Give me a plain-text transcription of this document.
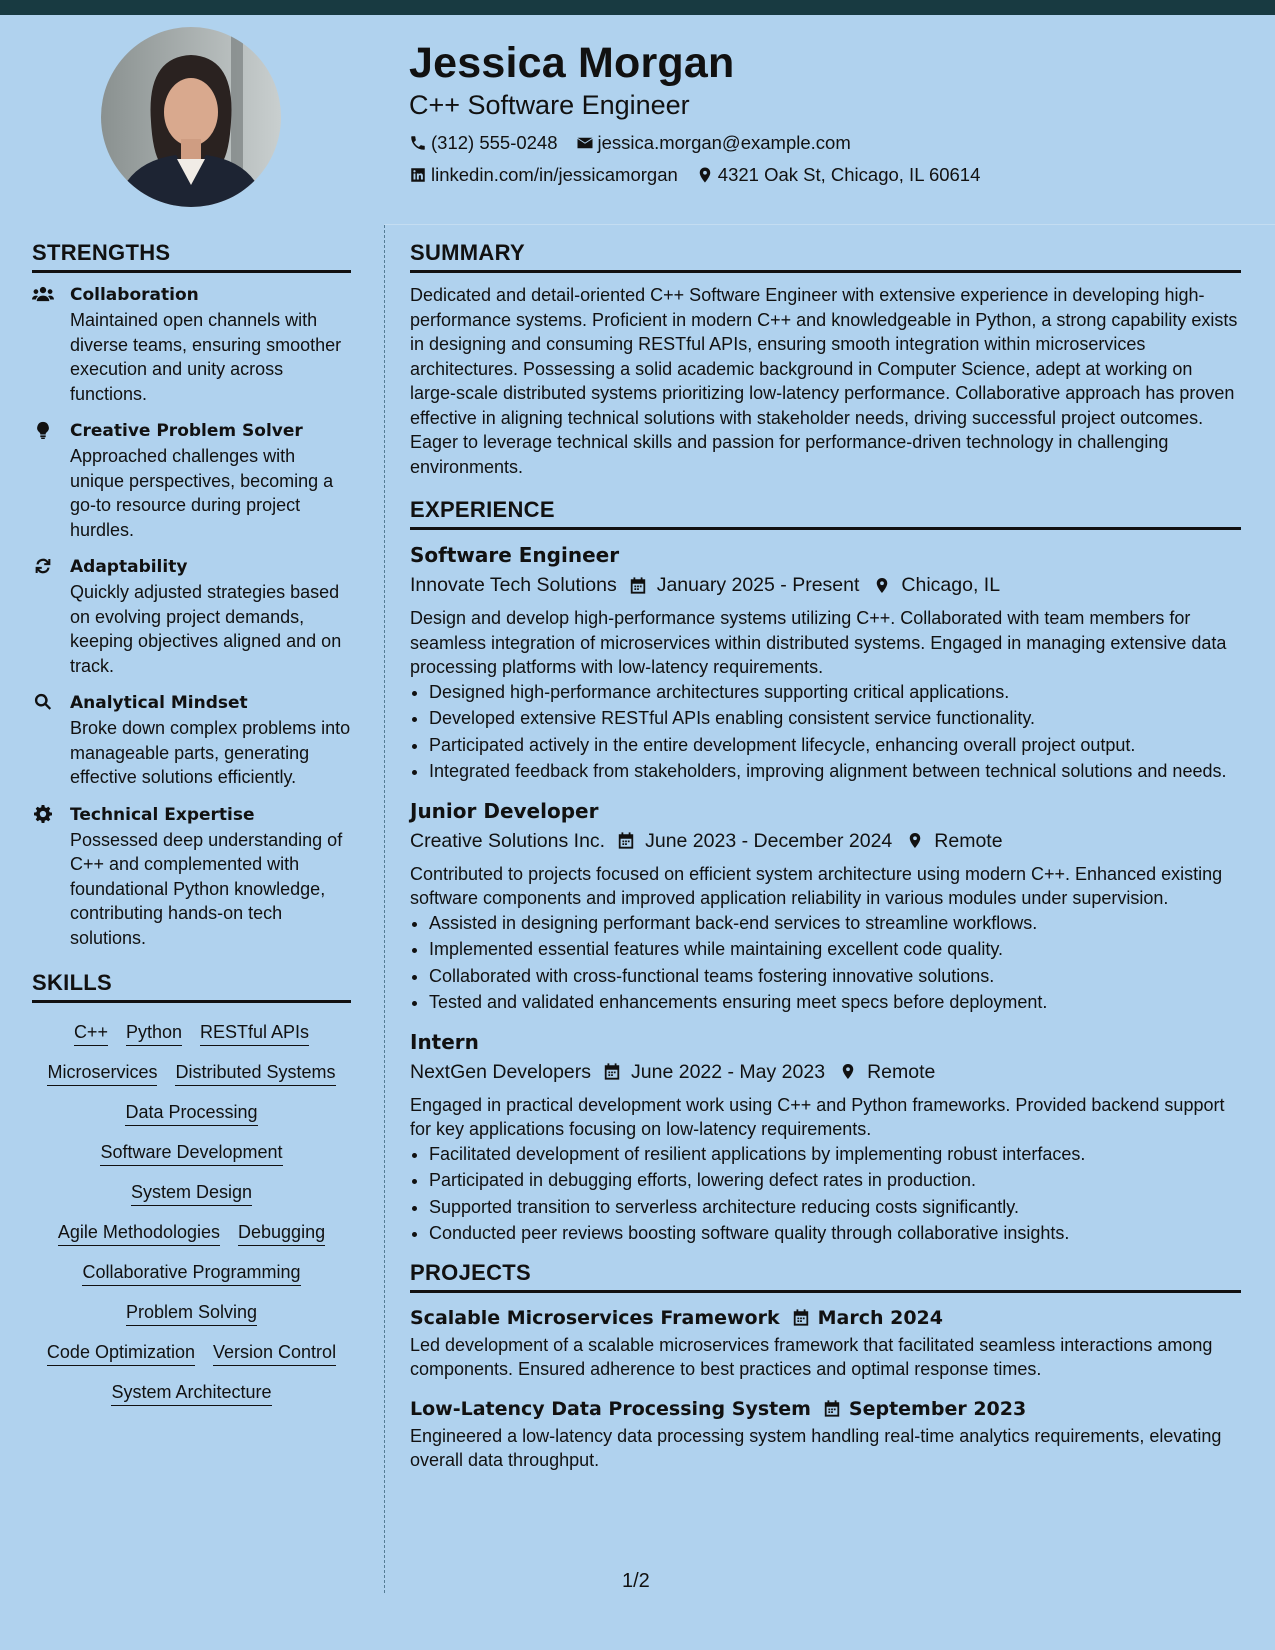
Jessica Morgan
C++ Software Engineer
(312) 555-0248 jessica.morgan@example.com
linkedin.com/in/jessicamorgan 4321 Oak St, Chicago, IL 60614
STRENGTHS
Collaboration
Maintained open channels with diverse teams, ensuring smoother execution and unity across functions.
Creative Problem Solver
Approached challenges with unique perspectives, becoming a go-to resource during project hurdles.
Adaptability
Quickly adjusted strategies based on evolving project demands, keeping objectives aligned and on track.
Analytical Mindset
Broke down complex problems into manageable parts, generating effective solutions efficiently.
Technical Expertise
Possessed deep understanding of C++ and complemented with foundational Python knowledge, contributing hands-on tech solutions.
SKILLS
C++ Python RESTful APIs
Microservices Distributed Systems
Data Processing
Software Development
System Design
Agile Methodologies Debugging
Collaborative Programming
Problem Solving
Code Optimization Version Control
System Architecture
SUMMARY

Dedicated and detail-oriented C++ Software Engineer with extensive experience in developing high-performance systems. Proficient in modern C++ and knowledgeable in Python, a strong capability exists in designing and consuming RESTful APIs, ensuring smooth integration within microservices architectures. Possessing a solid academic background in Computer Science, adept at working on large-scale distributed systems prioritizing low-latency performance. Collaborative approach has proven effective in aligning technical solutions with stakeholder needs, driving successful project outcomes. Eager to leverage technical skills and passion for performance-driven technology in challenging environments.

EXPERIENCE
Software Engineer
Innovate Tech Solutions January 2025 - Present Chicago, IL
Design and develop high-performance systems utilizing C++. Collaborated with team members for seamless integration of microservices within distributed systems. Engaged in managing extensive data processing platforms with low-latency requirements.
• Designed high-performance architectures supporting critical applications.
• Developed extensive RESTful APIs enabling consistent service functionality.
• Participated actively in the entire development lifecycle, enhancing overall project output.
• Integrated feedback from stakeholders, improving alignment between technical solutions and needs.
Junior Developer
Creative Solutions Inc. June 2023 - December 2024 Remote
Contributed to projects focused on efficient system architecture using modern C++. Enhanced existing software components and improved application reliability in various modules under supervision.
• Assisted in designing performant back-end services to streamline workflows.
• Implemented essential features while maintaining excellent code quality.
• Collaborated with cross-functional teams fostering innovative solutions.
• Tested and validated enhancements ensuring meet specs before deployment.
Intern
NextGen Developers June 2022 - May 2023 Remote
Engaged in practical development work using C++ and Python frameworks. Provided backend support for key applications focusing on low-latency requirements.
• Facilitated development of resilient applications by implementing robust interfaces.
• Participated in debugging efforts, lowering defect rates in production.
• Supported transition to serverless architecture reducing costs significantly.
• Conducted peer reviews boosting software quality through collaborative insights.
PROJECTS
Scalable Microservices Framework March 2024
Led development of a scalable microservices framework that facilitated seamless interactions among components. Ensured adherence to best practices and optimal response times.
Low-Latency Data Processing System September 2023
Engineered a low-latency data processing system handling real-time analytics requirements, elevating overall data throughput.
1/2
